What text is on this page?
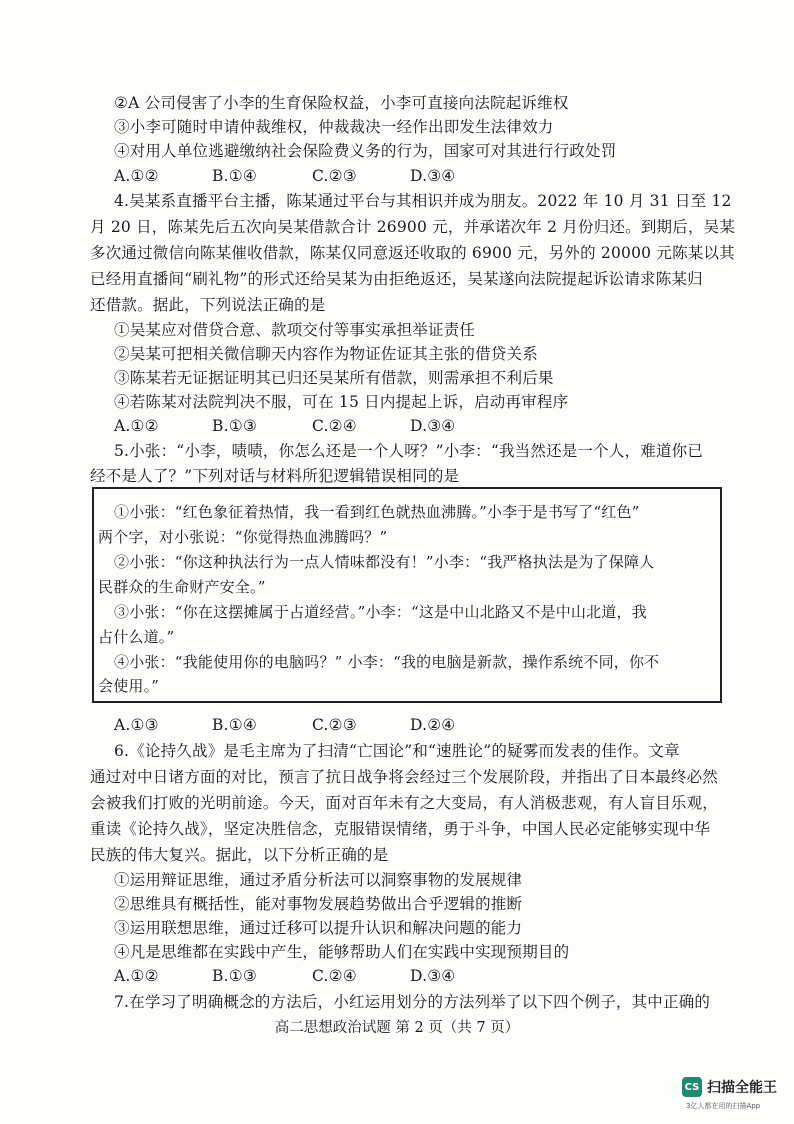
②A 公司侵害了小李的生育保险权益，小李可直接向法院起诉维权
③小李可随时申请仲裁维权，仲裁裁决一经作出即发生法律效力
④对用人单位逃避缴纳社会保险费义务的行为，国家可对其进行行政处罚
A.①②	B.①④	C.②③	D.③④
4.吴某系直播平台主播，陈某通过平台与其相识并成为朋友。2022 年 10 月 31 日至 12
月 20 日，陈某先后五次向吴某借款合计 26900 元，并承诺次年 2 月份归还。到期后，吴某
多次通过微信向陈某催收借款，陈某仅同意返还收取的 6900 元，另外的 20000 元陈某以其
已经用直播间“刷礼物”的形式还给吴某为由拒绝返还，吴某遂向法院提起诉讼请求陈某归
还借款。据此，下列说法正确的是
①吴某应对借贷合意、款项交付等事实承担举证责任
②吴某可把相关微信聊天内容作为物证佐证其主张的借贷关系
③陈某若无证据证明其已归还吴某所有借款，则需承担不利后果
④若陈某对法院判决不服，可在 15 日内提起上诉，启动再审程序
A.①②	B.①③	C.②④	D.③④
5.小张：“小李，啧啧，你怎么还是一个人呀？”小李：“我当然还是一个人，难道你已
经不是人了？”下列对话与材料所犯逻辑错误相同的是
①小张：“红色象征着热情，我一看到红色就热血沸腾。”小李于是书写了“红色”
两个字，对小张说：“你觉得热血沸腾吗？”
②小张：“你这种执法行为一点人情味都没有！”小李：“我严格执法是为了保障人
民群众的生命财产安全。”
③小张：“你在这摆摊属于占道经营。”小李：“这是中山北路又不是中山北道，我
占什么道。”
④小张：“我能使用你的电脑吗？” 小李：“我的电脑是新款，操作系统不同，你不
会使用。”
A.①③	B.①④	C.②③	D.②④
6.《论持久战》是毛主席为了扫清“亡国论”和“速胜论”的疑雾而发表的佳作。文章
通过对中日诸方面的对比，预言了抗日战争将会经过三个发展阶段，并指出了日本最终必然
会被我们打败的光明前途。今天，面对百年未有之大变局，有人消极悲观，有人盲目乐观，
重读《论持久战》，坚定决胜信念，克服错误情绪，勇于斗争，中国人民必定能够实现中华
民族的伟大复兴。据此，以下分析正确的是
①运用辩证思维，通过矛盾分析法可以洞察事物的发展规律
②思维具有概括性，能对事物发展趋势做出合乎逻辑的推断
③运用联想思维，通过迁移可以提升认识和解决问题的能力
④凡是思维都在实践中产生，能够帮助人们在实践中实现预期目的
A.①②	B.①③	C.②④	D.③④
7.在学习了明确概念的方法后，小红运用划分的方法列举了以下四个例子，其中正确的
高二思想政治试题 第 2 页（共 7 页）
CS 扫描全能王
3亿人都在用的扫描App
